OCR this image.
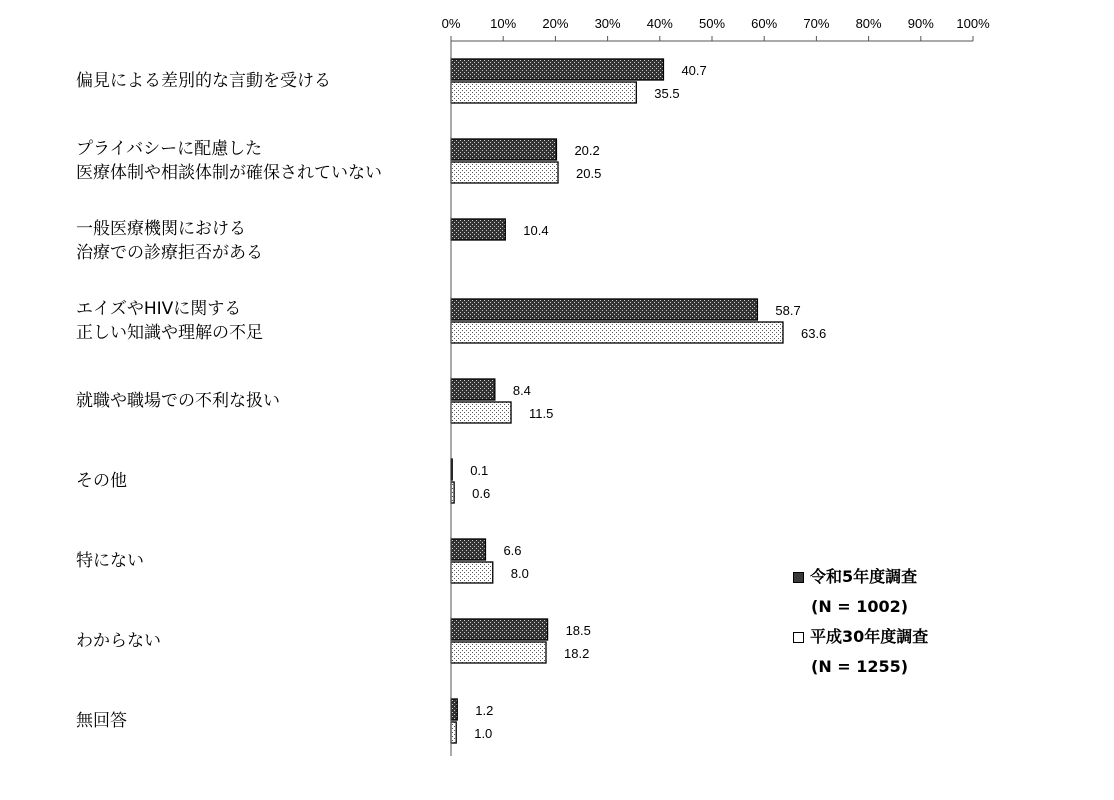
0% 10% 20% 30% 40% 50% 60% 70% 80% 90% 100%
40.7
35.5
20.2
20.5
10.4
58.7
63.6
8.4
11.5
0.1
0.6
6.6
8.0
18.5
18.2
1.2
1.0
偏見による差別的な言動を受ける
プライバシーに配慮した
医療体制や相談体制が確保されていない
一般医療機関における
治療での診療拒否がある
エイズやHIVに関する
正しい知識や理解の不足
就職や職場での不利な扱い
その他
特にない
わからない
無回答
令和5年度調査
(N = 1002)
平成30年度調査
(N = 1255)
